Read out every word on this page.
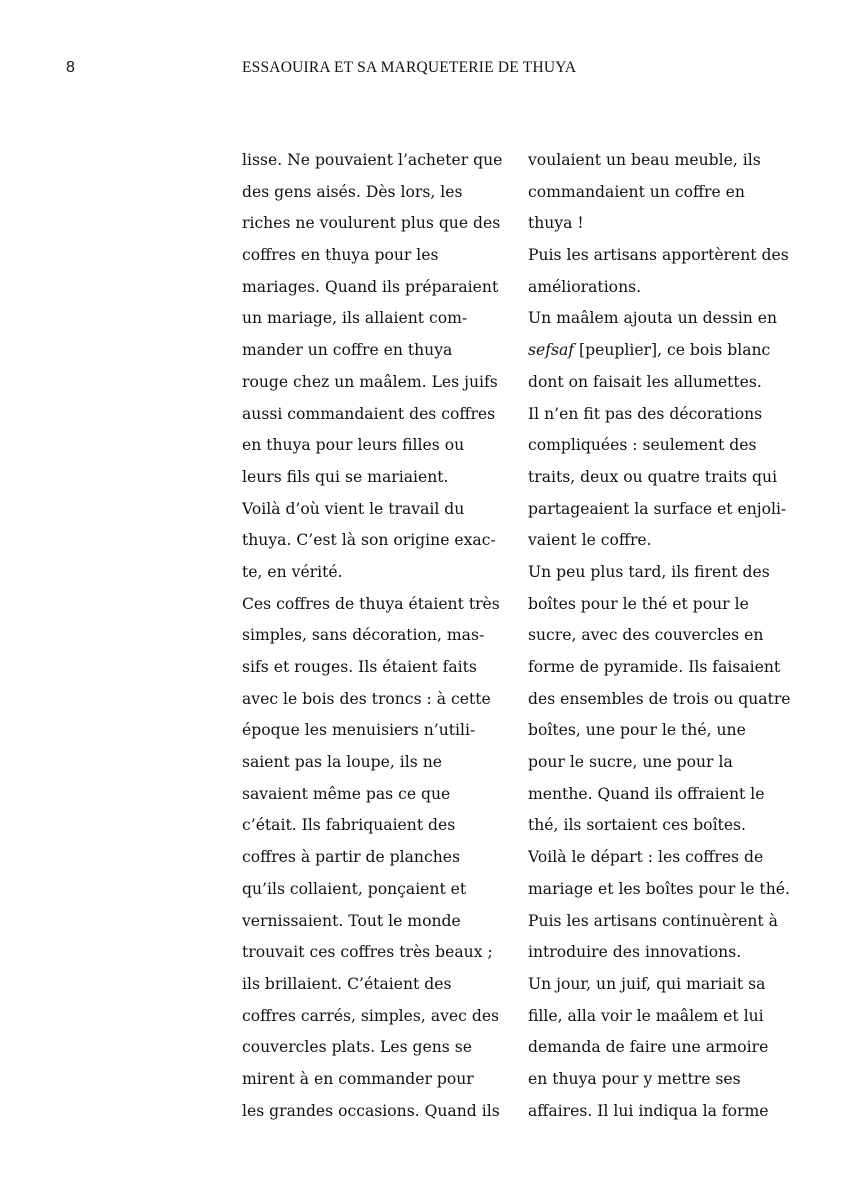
8	ESSAOUIRA ET SA MARQUETERIE DE THUYA

lisse. Ne pouvaient l’acheter que
des gens aisés. Dès lors, les
riches ne voulurent plus que des
coffres en thuya pour les
mariages. Quand ils préparaient
un mariage, ils allaient com-
mander un coffre en thuya
rouge chez un maâlem. Les juifs
aussi commandaient des coffres
en thuya pour leurs filles ou
leurs fils qui se mariaient.
Voilà d’où vient le travail du
thuya. C’est là son origine exac-
te, en vérité.
Ces coffres de thuya étaient très
simples, sans décoration, mas-
sifs et rouges. Ils étaient faits
avec le bois des troncs : à cette
époque les menuisiers n’utili-
saient pas la loupe, ils ne
savaient même pas ce que
c’était. Ils fabriquaient des
coffres à partir de planches
qu’ils collaient, ponçaient et
vernissaient. Tout le monde
trouvait ces coffres très beaux ;
ils brillaient. C’étaient des
coffres carrés, simples, avec des
couvercles plats. Les gens se
mirent à en commander pour
les grandes occasions. Quand ils
voulaient un beau meuble, ils
commandaient un coffre en
thuya !
Puis les artisans apportèrent des
améliorations.
Un maâlem ajouta un dessin en
sefsaf [peuplier], ce bois blanc
dont on faisait les allumettes.
Il n’en fit pas des décorations
compliquées : seulement des
traits, deux ou quatre traits qui
partageaient la surface et enjoli-
vaient le coffre.
Un peu plus tard, ils firent des
boîtes pour le thé et pour le
sucre, avec des couvercles en
forme de pyramide. Ils faisaient
des ensembles de trois ou quatre
boîtes, une pour le thé, une
pour le sucre, une pour la
menthe. Quand ils offraient le
thé, ils sortaient ces boîtes.
Voilà le départ : les coffres de
mariage et les boîtes pour le thé.
Puis les artisans continuèrent à
introduire des innovations.
Un jour, un juif, qui mariait sa
fille, alla voir le maâlem et lui
demanda de faire une armoire
en thuya pour y mettre ses
affaires. Il lui indiqua la forme
